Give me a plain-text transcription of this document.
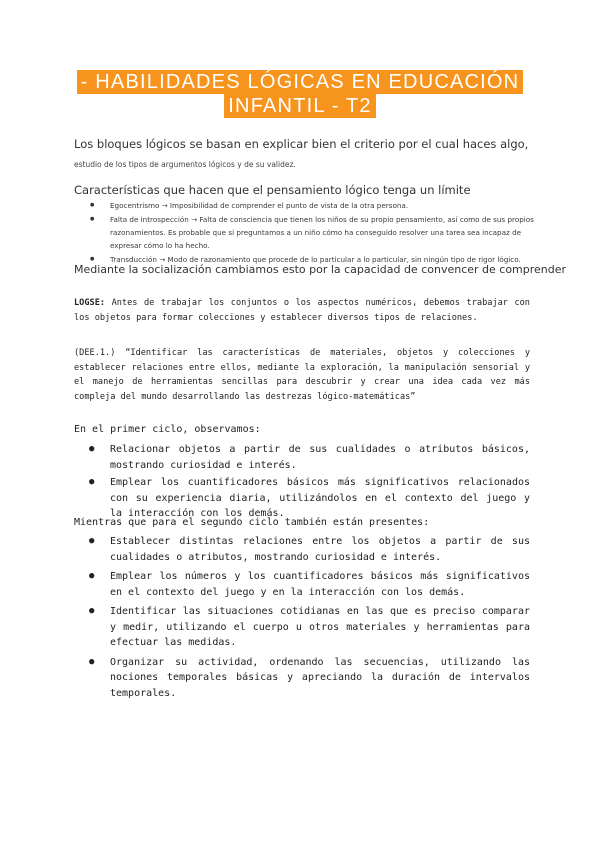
- HABILIDADES LÓGICAS EN EDUCACIÓN
INFANTIL - T2
Los bloques lógicos se basan en explicar bien el criterio por el cual haces algo, estudio de los tipos de argumentos lógicos y de su validez.
Características que hacen que el pensamiento lógico tenga un límite
● Egocentrismo → Imposibilidad de comprender el punto de vista de la otra persona.
● Falta de introspección → Falta de consciencia que tienen los niños de su propio pensamiento, así como de sus propios razonamientos. Es probable que si preguntamos a un niño cómo ha conseguido resolver una tarea sea incapaz de expresar cómo lo ha hecho.
● Transducción → Modo de razonamiento que procede de lo particular a lo particular, sin ningún tipo de rigor lógico.
Mediante la socialización cambiamos esto por la capacidad de convencer de comprender
LOGSE: Antes de trabajar los conjuntos o los aspectos numéricos, debemos trabajar con los objetos para formar colecciones y establecer diversos tipos de relaciones.
(DEE.1.) “Identificar las características de materiales, objetos y colecciones y establecer relaciones entre ellos, mediante la exploración, la manipulación sensorial y el manejo de herramientas sencillas para descubrir y crear una idea cada vez más compleja del mundo desarrollando las destrezas lógico-matemáticas”
En el primer ciclo, observamos:
● Relacionar objetos a partir de sus cualidades o atributos básicos, mostrando curiosidad e interés.
● Emplear los cuantificadores básicos más significativos relacionados con su experiencia diaria, utilizándolos en el contexto del juego y la interacción con los demás.
Mientras que para el segundo ciclo también están presentes:
● Establecer distintas relaciones entre los objetos a partir de sus cualidades o atributos, mostrando curiosidad e interés.
● Emplear los números y los cuantificadores básicos más significativos en el contexto del juego y en la interacción con los demás.
● Identificar las situaciones cotidianas en las que es preciso comparar y medir, utilizando el cuerpo u otros materiales y herramientas para efectuar las medidas.
● Organizar su actividad, ordenando las secuencias, utilizando las nociones temporales básicas y apreciando la duración de intervalos temporales.
